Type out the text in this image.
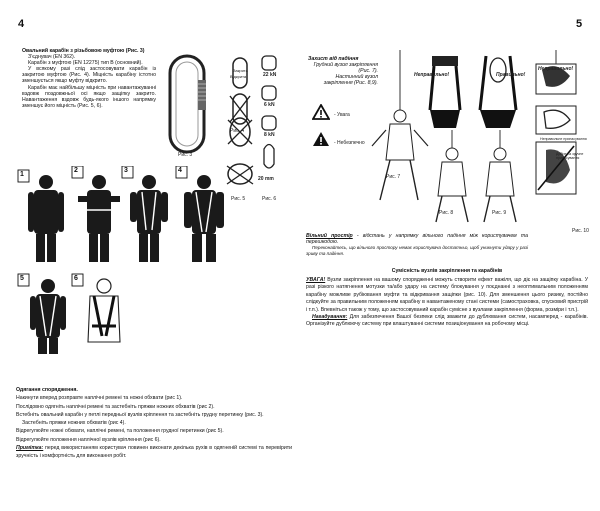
4

Овальний карабін з різьбовою муфтою (Рис. 3)

З’єднувач (EN 362).

Карабін з муфтою (EN 12275) тип B (основний).

У всякому разі слід застосовувати карабін із закритою муфтою (Рис. 4). Міцність карабіну істотно зменшується якщо муфту відкрито.

Карабін має найбільшу міцність при навантажуванні вздовж поздовжньої осі якщо защіпку закрито. Навантаження вздовж будь-якого іншого напрямку зменшує його міцність (Рис. 5, 6).

Рис. 3
Закрита
Відкрита
Рис. 4
Рис. 5
22 kN
6 kN
8 kN
20 mm
Рис. 6
1
2	3	4
5	6

Одягання спорядження.

Накинути вперед розправте наплічні ремені та ножні обхвати (рис 1).

Послідовно одягніть наплічні ремені та застебніть пряжки ножних обхватів (рис 2).

Встебніть овальний карабін у петлі передньої вузлів кріплення та застебніть грудну перетинку (рис. 3).

Застебніть пряжки ножних обхватів (рис 4).

Відрегулюйте ножні обхвати, наплічні ремені, та положення грудної перетинки (рис 5).

Відрегулюйте положення наплічної вузлів кріплення (рис 6).

Примітка: перед використанням користувач повинен виконати декілька рухів в одягненій системі та перевірити зручність і комфортність для виконання робіт.

5

Захист від падіння

Грудний вузол закріплення (Рис. 7).

Настинний вузол закріплення (Рис. 8,9).

- Увага
- Небезпечно
Неправильно!	Правильно!
Неправильно!
Неправильне припасування
Добре та зручне припасування
Рис. 7
Рис. 8	Рис. 9
Рис. 10

Вільний простір - відстань у напрямку вільного падіння між користувачем та перешкодою.

Переконайтесь, що вільного простору немає користувача достатньо, щоб уникнути удару у разі зриву та падіння.

Сумісність вузлів закріплення та карабінів

УВАГА! Вузли закріплення на вашому спорядженні можуть створити ефект важіля, що діє на защіпку карабіна. У разі різкого натягнення мотузки та/або удару на систему блокування у поєднанні з неоптимальним положенням карабіну можливе рубіювання муфти та відкривання защіпки (рис. 10). Для зменшення цього ризику, постійно слідкуйте за правильним положенням карабіну в навантаженому стані системи (самостраховка, спусковий пристрій і т.п.). Впевніться також у тому, що застосовуваний карабін сумісне з вузлами закріплення (форма, розміри і т.п.).

Нагадування: Для забезпечення Вашої безпеки слід зважити до дублювання систем, насамперед - карабінів. Організуйте дублюючу систему при влаштуванні системи позиціонування на робочому місці.
